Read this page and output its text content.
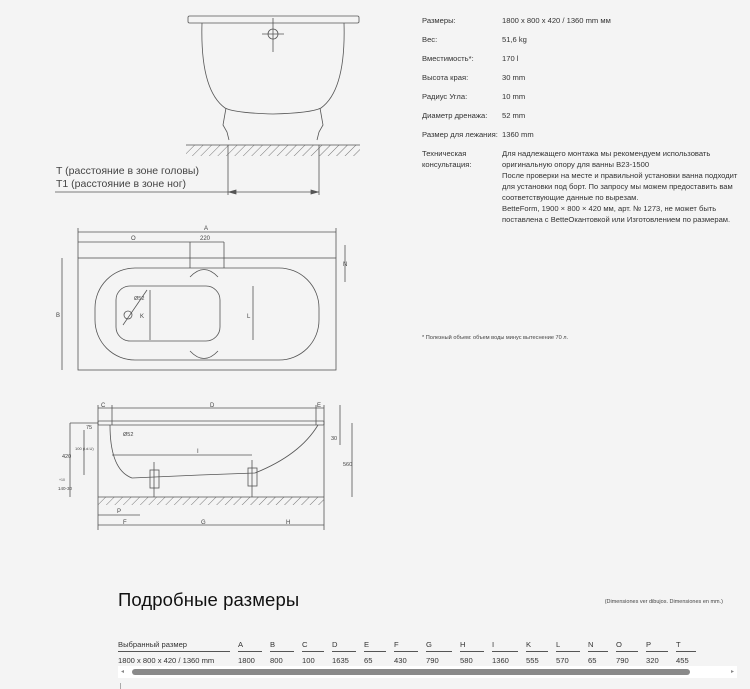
T (расстояние в зоне головы)
T1 (расстояние в зоне ног)
A
O	220
N
B	K	L
Ø52
C	D	E
75
Ø52
420
100 (i.d.U)
140-30
+10
I
30
560
P
F	G	H
Размеры:	1800 x 800 x 420 / 1360 mm мм
Вес:	51,6 kg
Вместимость*:	170 l
Высота края:	30 mm
Радиус Угла:	10 mm
Диаметр дренажа:	52 mm
Размер для лежания: 1360 mm
Техническая консультация:
Для надлежащего монтажа мы рекомендуем использовать оригинальную опору для ванны B23-1500
После проверки на месте и правильной установки ванна подходит для установки под борт. По запросу мы можем предоставить вам соответствующие данные по вырезам.
BetteForm, 1900 × 800 × 420 мм, арт. № 1273, не может быть поставлена с BetteОкантовкой или Изготовлением по размерам.
* Полезный объем: объем воды минус вытеснение 70 л.
Подробные размеры	(Dimensiones ver dibujos. Dimensiones en mm.)
Выбранный размер		A		B		C		D		E		F		G		H		I		K		L		N		O		P		T
1800 x 800 x 420 / 1360 mm		1800		800		100		1635		65		430		790		580		1360		555		570		65		790		320		455
◂	▸
